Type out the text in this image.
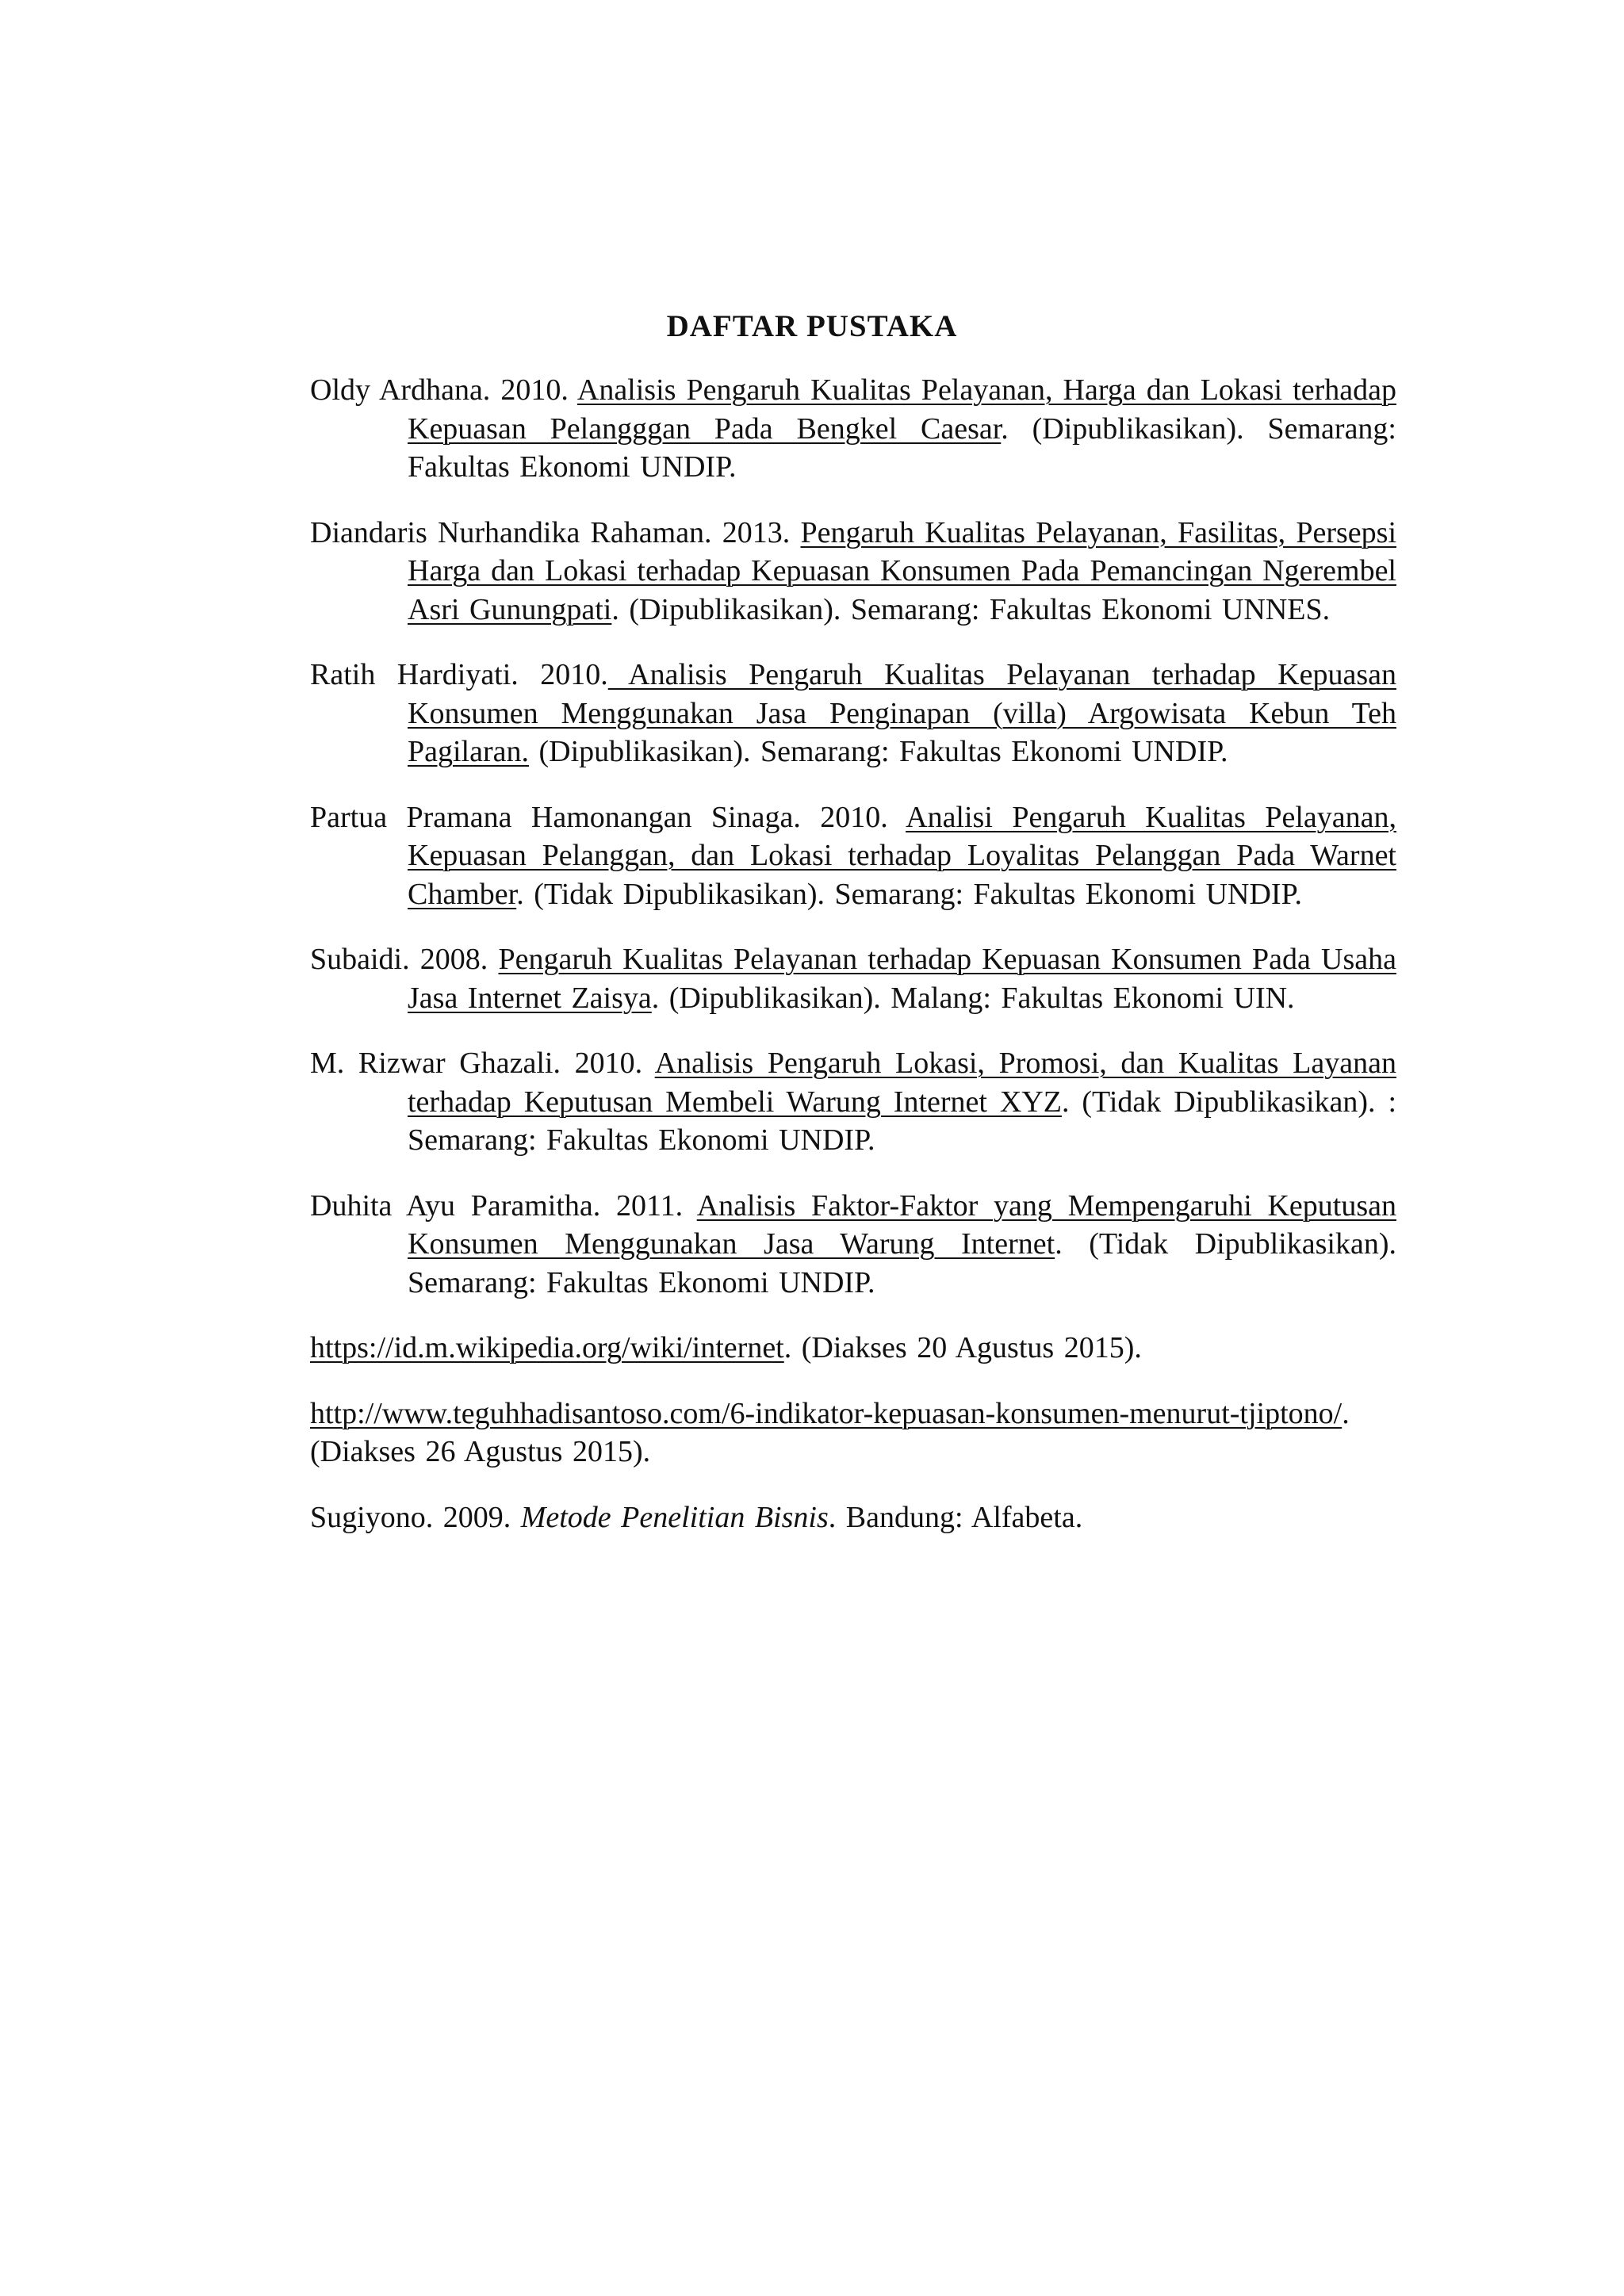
DAFTAR PUSTAKA

Oldy Ardhana. 2010. Analisis Pengaruh Kualitas Pelayanan, Harga dan Lokasi terhadap Kepuasan Pelangggan Pada Bengkel Caesar. (Dipublikasikan). Semarang: Fakultas Ekonomi UNDIP.

Diandaris Nurhandika Rahaman. 2013. Pengaruh Kualitas Pelayanan, Fasilitas, Persepsi Harga dan Lokasi terhadap Kepuasan Konsumen Pada Pemancingan Ngerembel Asri Gunungpati. (Dipublikasikan). Semarang: Fakultas Ekonomi UNNES.

Ratih Hardiyati. 2010. Analisis Pengaruh Kualitas Pelayanan terhadap Kepuasan Konsumen Menggunakan Jasa Penginapan (villa) Argowisata Kebun Teh Pagilaran. (Dipublikasikan). Semarang: Fakultas Ekonomi UNDIP.

Partua Pramana Hamonangan Sinaga. 2010. Analisi Pengaruh Kualitas Pelayanan, Kepuasan Pelanggan, dan Lokasi terhadap Loyalitas Pelanggan Pada Warnet Chamber. (Tidak Dipublikasikan). Semarang: Fakultas Ekonomi UNDIP.

Subaidi. 2008. Pengaruh Kualitas Pelayanan terhadap Kepuasan Konsumen Pada Usaha Jasa Internet Zaisya. (Dipublikasikan). Malang: Fakultas Ekonomi UIN.

M. Rizwar Ghazali. 2010. Analisis Pengaruh Lokasi, Promosi, dan Kualitas Layanan terhadap Keputusan Membeli Warung Internet XYZ. (Tidak Dipublikasikan). : Semarang: Fakultas Ekonomi UNDIP.

Duhita Ayu Paramitha. 2011. Analisis Faktor-Faktor yang Mempengaruhi Keputusan Konsumen Menggunakan Jasa Warung Internet. (Tidak Dipublikasikan). Semarang: Fakultas Ekonomi UNDIP.

https://id.m.wikipedia.org/wiki/internet. (Diakses 20 Agustus 2015).

http://www.teguhhadisantoso.com/6-indikator-kepuasan-konsumen-menurut-tjiptono/. (Diakses 26 Agustus 2015).

Sugiyono. 2009. Metode Penelitian Bisnis. Bandung: Alfabeta.
